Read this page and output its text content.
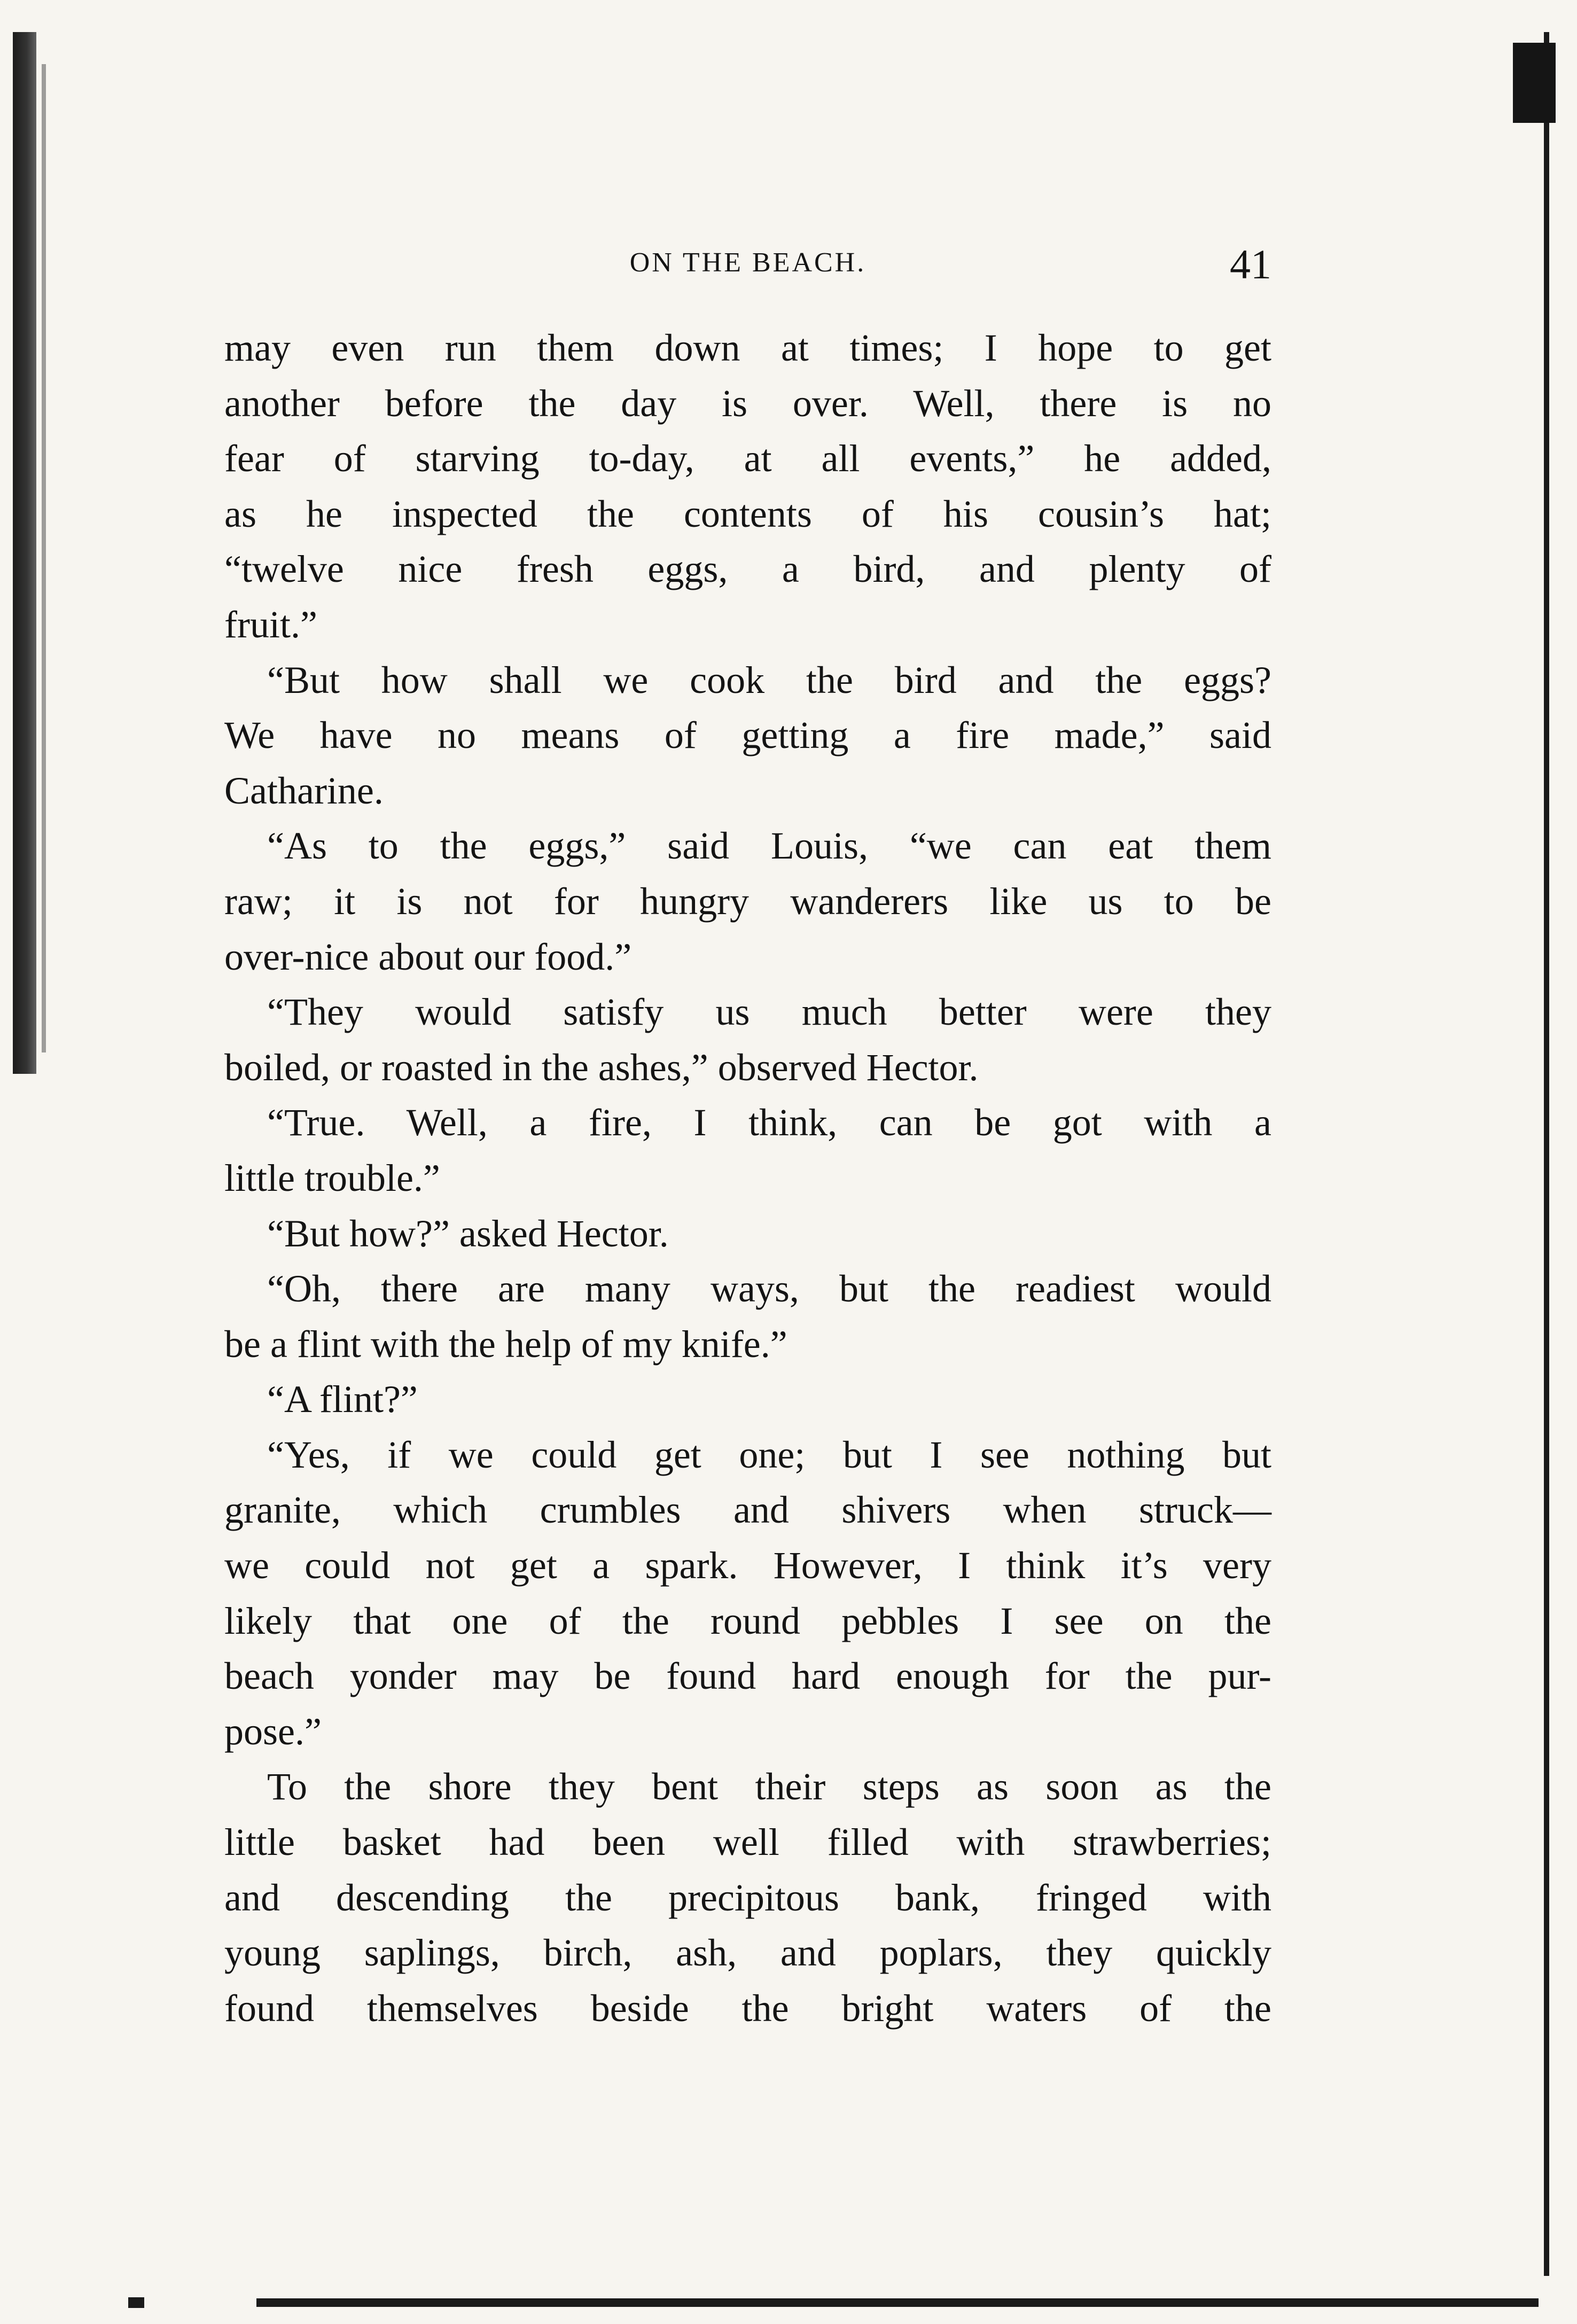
ON THE BEACH.	41
may even run them down at times; I hope to get
another before the day is over. Well, there is no
fear of starving to-day, at all events,” he added,
as he inspected the contents of his cousin’s hat;
“twelve nice fresh eggs, a bird, and plenty of
fruit.”
“But how shall we cook the bird and the eggs?
We have no means of getting a fire made,” said
Catharine.
“As to the eggs,” said Louis, “we can eat them
raw; it is not for hungry wanderers like us to be
over-nice about our food.”
“They would satisfy us much better were they
boiled, or roasted in the ashes,” observed Hector.
“True. Well, a fire, I think, can be got with a
little trouble.”
“But how?” asked Hector.
“Oh, there are many ways, but the readiest would
be a flint with the help of my knife.”
“A flint?”
“Yes, if we could get one; but I see nothing but
granite, which crumbles and shivers when struck—
we could not get a spark. However, I think it’s very
likely that one of the round pebbles I see on the
beach yonder may be found hard enough for the pur-
pose.”
To the shore they bent their steps as soon as the
little basket had been well filled with strawberries;
and descending the precipitous bank, fringed with
young saplings, birch, ash, and poplars, they quickly
found themselves beside the bright waters of the
